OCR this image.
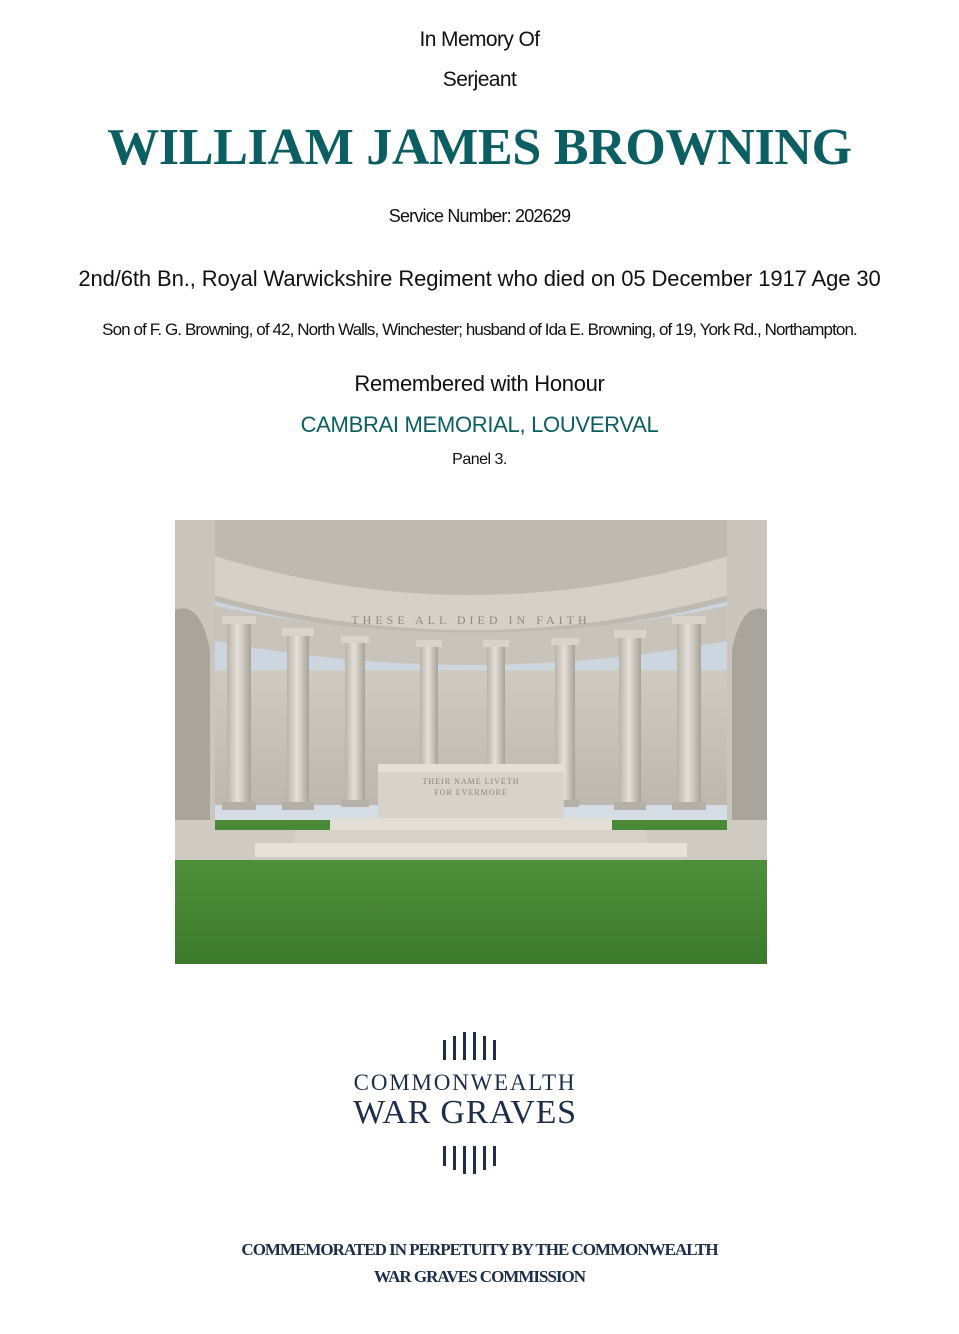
In Memory Of
Serjeant
WILLIAM JAMES BROWNING
Service Number: 202629
2nd/6th Bn., Royal Warwickshire Regiment who died on 05 December 1917 Age 30
Son of F. G. Browning, of 42, North Walls, Winchester; husband of Ida E. Browning, of 19, York Rd., Northampton.
Remembered with Honour
CAMBRAI MEMORIAL, LOUVERVAL
Panel 3.
THESE ALL DIED IN FAITH
THEIR NAME LIVETH
FOR EVERMORE
COMMONWEALTH
WAR GRAVES
COMMEMORATED IN PERPETUITY BY THE COMMONWEALTH
WAR GRAVES COMMISSION
